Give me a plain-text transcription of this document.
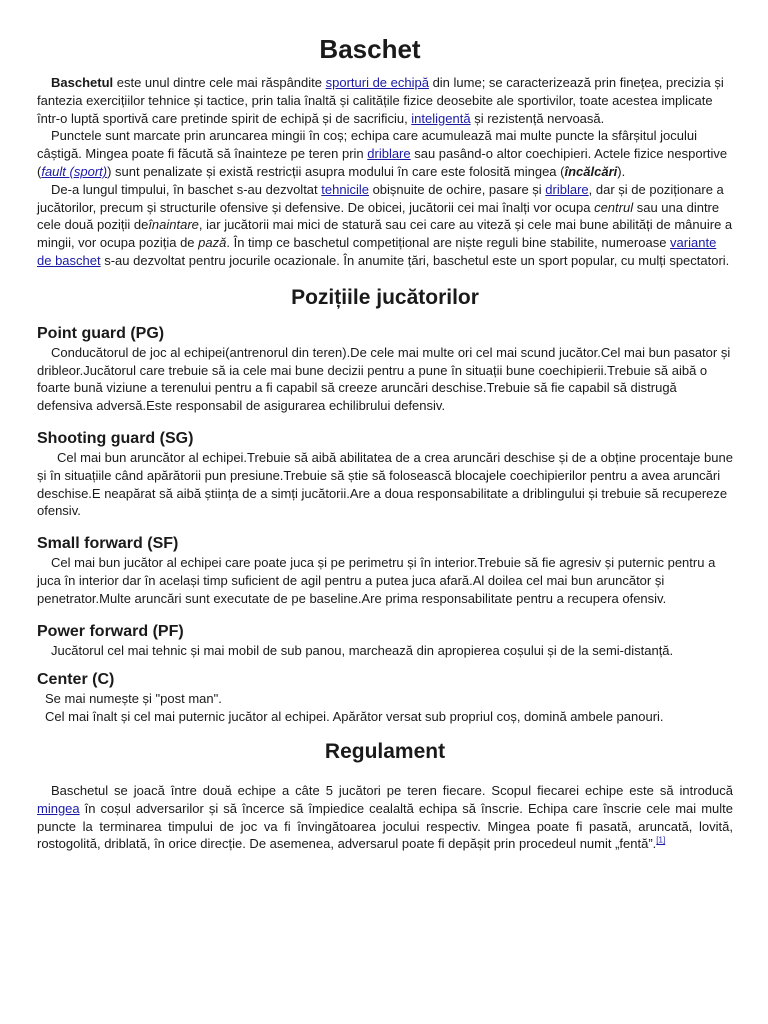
Baschet

Baschetul este unul dintre cele mai răspândite sporturi de echipă din lume; se caracterizează prin finețea, precizia și fantezia exercițiilor tehnice și tactice, prin talia înaltă și calitățile fizice deosebite ale sportivilor, toate acestea implicate într-o luptă sportivă care pretinde spirit de echipă și de sacrificiu, inteligentă și rezistență nervoasă.

Punctele sunt marcate prin aruncarea mingii în coș; echipa care acumulează mai multe puncte la sfârșitul jocului câștigă. Mingea poate fi făcută să înainteze pe teren prin driblare sau pasând-o altor coechipieri. Actele fizice nesportive (fault (sport)) sunt penalizate și există restricții asupra modului în care este folosită mingea (încălcări).

De-a lungul timpului, în baschet s-au dezvoltat tehnicile obișnuite de ochire, pasare și driblare, dar și de poziționare a jucătorilor, precum și structurile ofensive și defensive. De obicei, jucătorii cei mai înalți vor ocupa centrul sau una dintre cele două poziții deînaintare, iar jucătorii mai mici de statură sau cei care au viteză și cele mai bune abilități de mânuire a mingii, vor ocupa poziția de pază. În timp ce baschetul competițional are niște reguli bine stabilite, numeroase variante de baschet s-au dezvoltat pentru jocurile ocazionale. În anumite țări, baschetul este un sport popular, cu mulți spectatori.

Pozițiile jucătorilor
Point guard (PG)

Conducătorul de joc al echipei(antrenorul din teren).De cele mai multe ori cel mai scund jucător.Cel mai bun pasator și dribleor.Jucătorul care trebuie să ia cele mai bune decizii pentru a pune în situații bune coechipierii.Trebuie să aibă o foarte bună viziune a terenului pentru a fi capabil să creeze aruncări deschise.Trebuie să fie capabil să distrugă defensiva adversă.Este responsabil de asigurarea echilibrului defensiv.

Shooting guard (SG)

Cel mai bun aruncător al echipei.Trebuie să aibă abilitatea de a crea aruncări deschise și de a obține procentaje bune și în situațiile când apărătorii pun presiune.Trebuie să știe să folosească blocajele coechipierilor pentru a avea aruncări deschise.E neapărat să aibă știința de a simți jucătorii.Are a doua responsabilitate a driblingului și trebuie să recupereze ofensiv.

Small forward (SF)

Cel mai bun jucător al echipei care poate juca și pe perimetru și în interior.Trebuie să fie agresiv și puternic pentru a juca în interior dar în același timp suficient de agil pentru a putea juca afară.Al doilea cel mai bun aruncător și penetrator.Multe aruncări sunt executate de pe baseline.Are prima responsabilitate pentru a recupera ofensiv.

Power forward (PF)

Jucătorul cel mai tehnic și mai mobil de sub panou, marchează din apropierea coșului și de la semi-distanță.

Center (C)

Se mai numește și "post man".

Cel mai înalt și cel mai puternic jucător al echipei. Apărător versat sub propriul coș, domină ambele panouri.

Regulament

Baschetul se joacă între două echipe a câte 5 jucători pe teren fiecare. Scopul fiecarei echipe este să introducă mingea în coșul adversarilor și să încerce să împiedice cealaltă echipa să înscrie. Echipa care înscrie cele mai multe puncte la terminarea timpului de joc va fi învingătoarea jocului respectiv. Mingea poate fi pasată, aruncată, lovită, rostogolită, driblată, în orice direcție. De asemenea, adversarul poate fi depășit prin procedeul numit „fentă”.[1]
